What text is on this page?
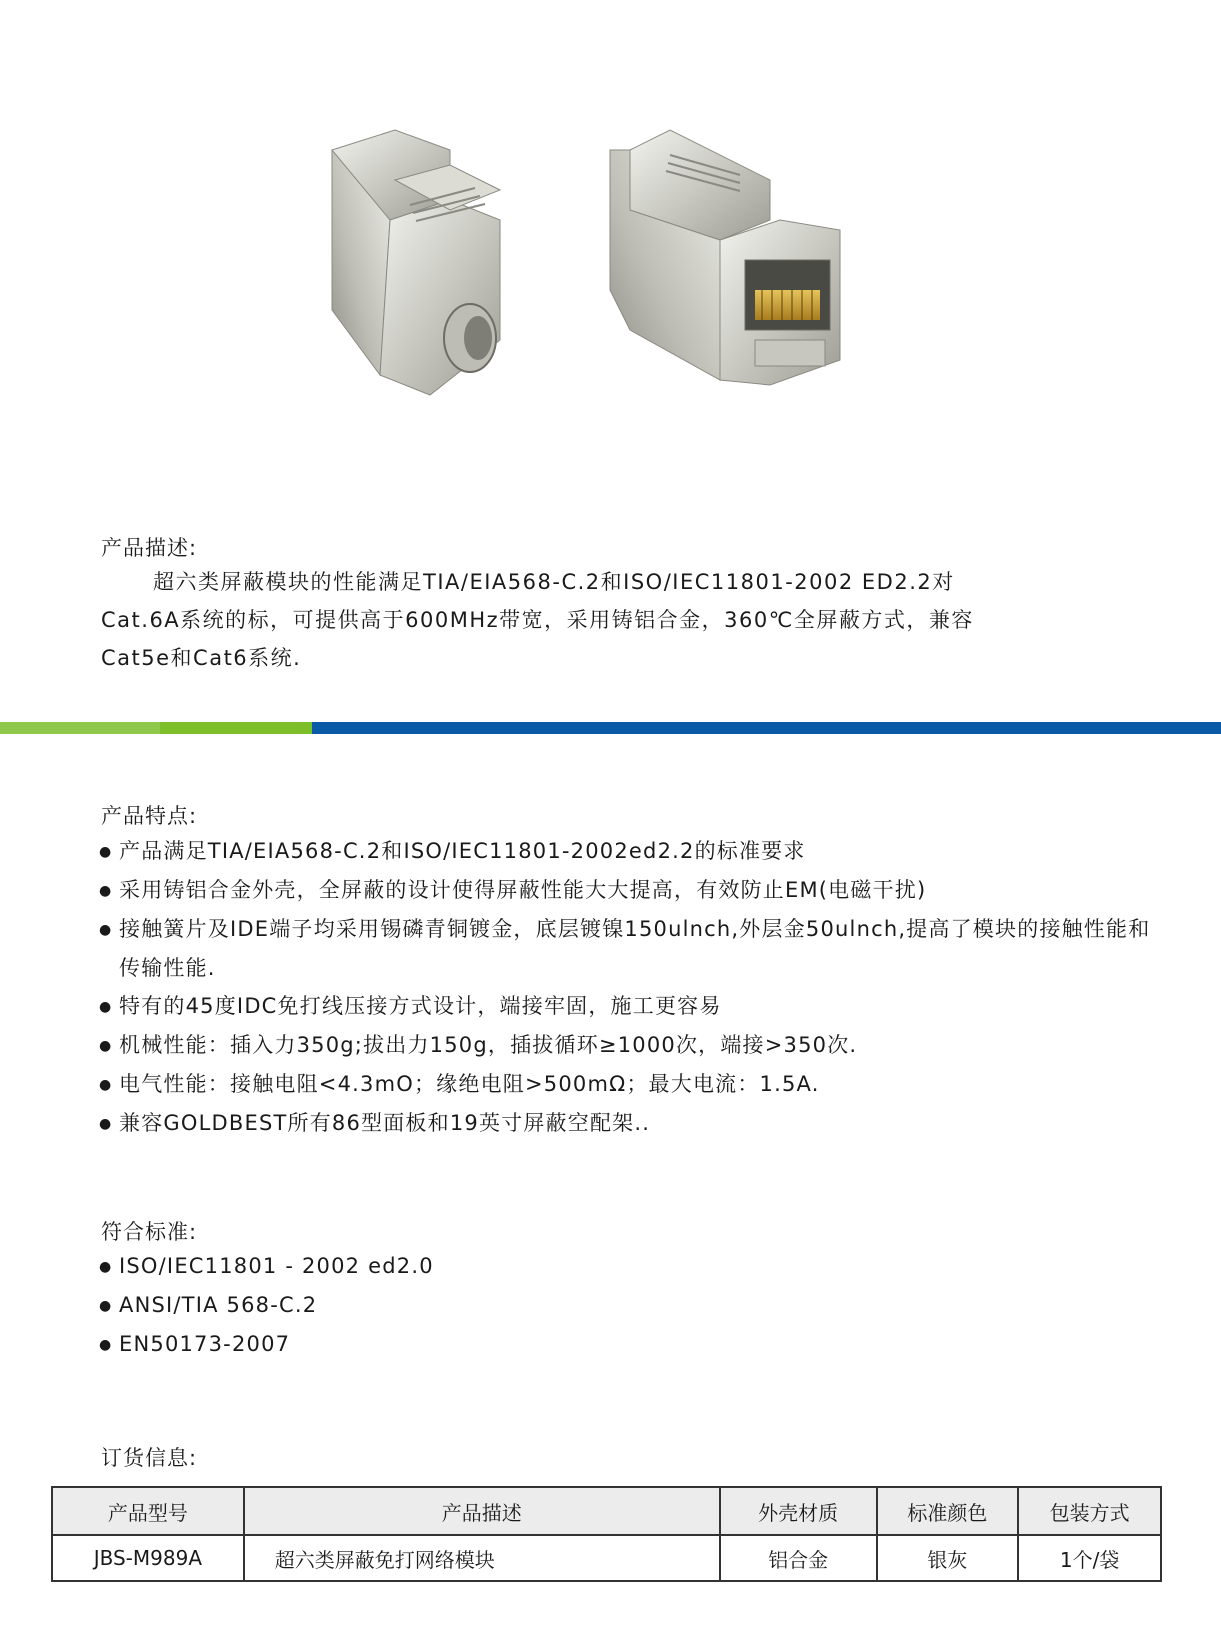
产品描述:

超六类屏蔽模块的性能满足TIA/EIA568-C.2和ISO/IEC11801-2002 ED2.2对

Cat.6A系统的标，可提供高于600MHz带宽，采用铸铝合金，360℃全屏蔽方式，兼容

Cat5e和Cat6系统.

产品特点:
● 产品满足TIA/EIA568-C.2和ISO/IEC11801-2002ed2.2的标准要求
● 采用铸铝合金外壳，全屏蔽的设计使得屏蔽性能大大提高，有效防止EM(电磁干扰)
● 接触簧片及IDE端子均采用锡磷青铜镀金，底层镀镍150ulnch,外层金50ulnch,提高了模块的接触性能和传输性能.
● 特有的45度IDC免打线压接方式设计，端接牢固，施工更容易
● 机械性能：插入力350g;拔出力150g，插拔循环≥1000次，端接>350次.
● 电气性能：接触电阻<4.3mO；缘绝电阻>500mΩ；最大电流：1.5A.
● 兼容GOLDBEST所有86型面板和19英寸屏蔽空配架..
符合标准:
● ISO/IEC11801 - 2002 ed2.0
● ANSI/TIA 568-C.2
● EN50173-2007
订货信息:
产品型号	产品描述	外壳材质	标准颜色	包装方式
JBS-M989A	超六类屏蔽免打网络模块	铝合金	银灰	1个/袋
